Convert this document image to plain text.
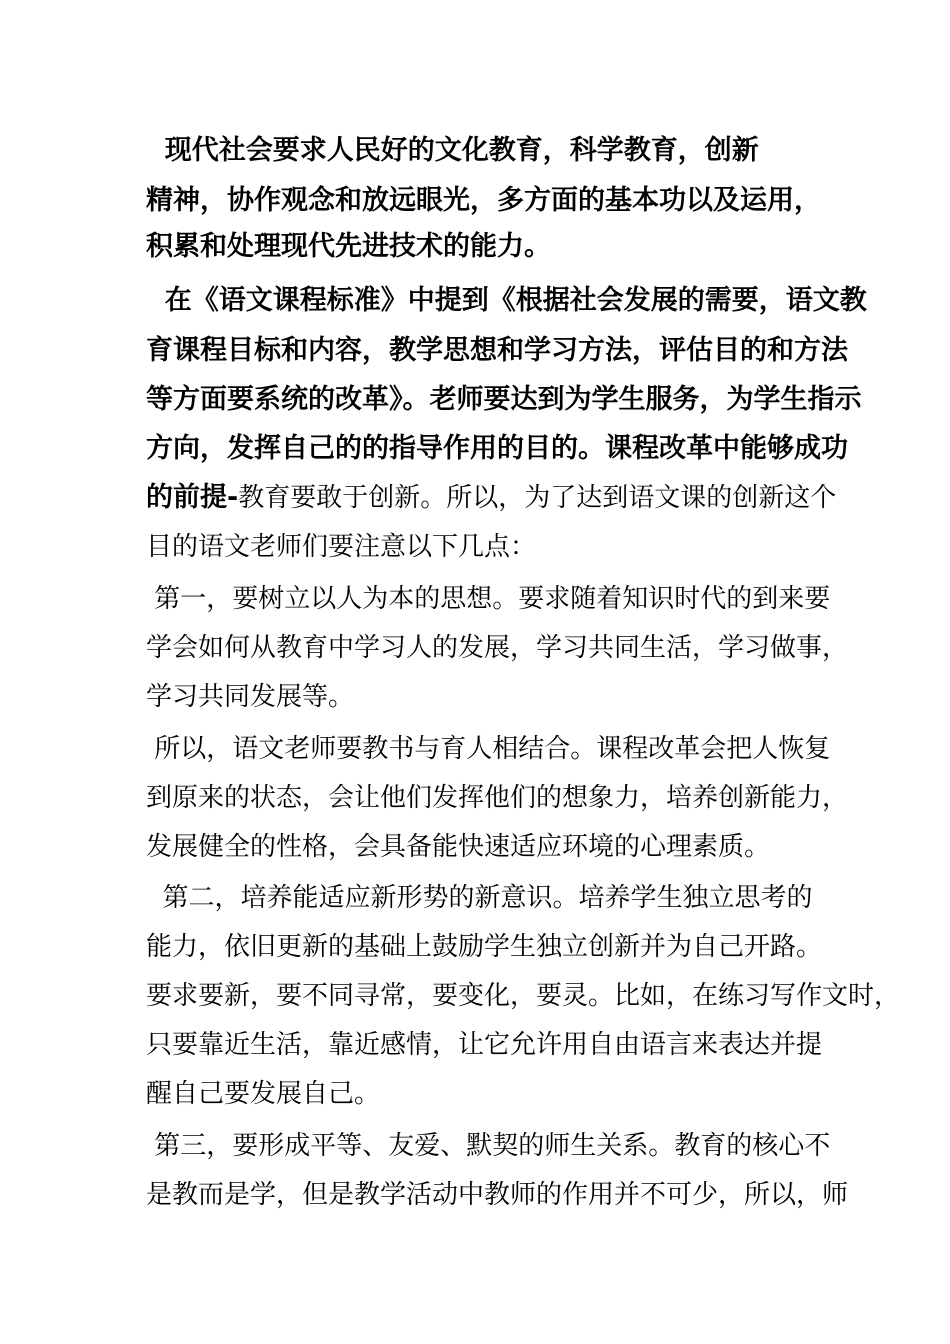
现代社会要求人民好的文化教育，科学教育，创新
精神，协作观念和放远眼光，多方面的基本功以及运用，
积累和处理现代先进技术的能力。
在《语文课程标准》中提到《根据社会发展的需要，语文教
育课程目标和内容，教学思想和学习方法，评估目的和方法
等方面要系统的改革》。老师要达到为学生服务，为学生指示
方向，发挥自己的的指导作用的目的。课程改革中能够成功
的前提-教育要敢于创新。所以，为了达到语文课的创新这个
目的语文老师们要注意以下几点：
第一，要树立以人为本的思想。要求随着知识时代的到来要
学会如何从教育中学习人的发展，学习共同生活，学习做事，
学习共同发展等。
所以，语文老师要教书与育人相结合。课程改革会把人恢复
到原来的状态，会让他们发挥他们的想象力，培养创新能力，
发展健全的性格，会具备能快速适应环境的心理素质。
第二，培养能适应新形势的新意识。培养学生独立思考的
能力，依旧更新的基础上鼓励学生独立创新并为自己开路。
要求要新，要不同寻常，要变化，要灵。比如，在练习写作文时，
只要靠近生活，靠近感情，让它允许用自由语言来表达并提
醒自己要发展自己。
第三，要形成平等、友爱、默契的师生关系。教育的核心不
是教而是学，但是教学活动中教师的作用并不可少，所以，师
